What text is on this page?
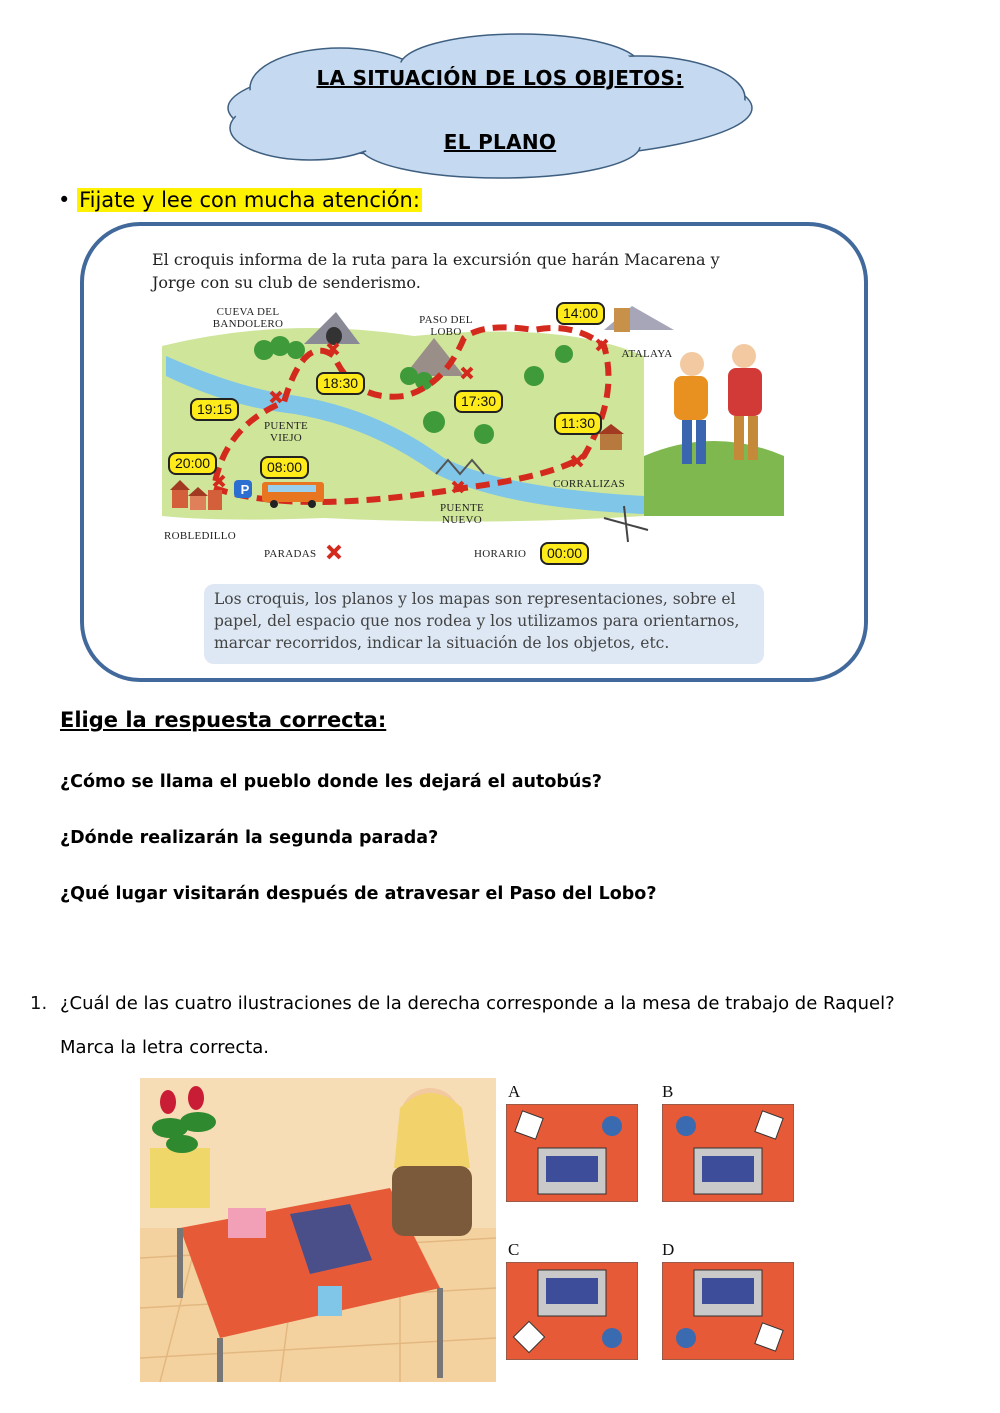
LA SITUACIÓN DE LOS OBJETOS:
EL PLANO
• Fijate y lee con mucha atención:
El croquis informa de la ruta para la excursión que harán Macarena y Jorge con su club de senderismo.
CUEVA DEL BANDOLERO	PASO DEL LOBO
ATALAYA
PUENTE VIEJO
CORRALIZAS
PUENTE NUEVO
ROBLEDILLO
14:00
18:30
17:30
19:15
11:30
20:00	08:00
P
PARADAS	HORARIO	00:00
Los croquis, los planos y los mapas son representaciones, sobre el papel, del espacio que nos rodea y los utilizamos para orientarnos, marcar recorridos, indicar la situación de los objetos, etc.
Elige la respuesta correcta:
¿Cómo se llama el pueblo donde les dejará el autobús?
¿Dónde realizarán la segunda parada?
¿Qué lugar visitarán después de atravesar el Paso del Lobo?
1. ¿Cuál de las cuatro ilustraciones de la derecha corresponde a la mesa de trabajo de Raquel?
Marca la letra correcta.
A	B
C	D
